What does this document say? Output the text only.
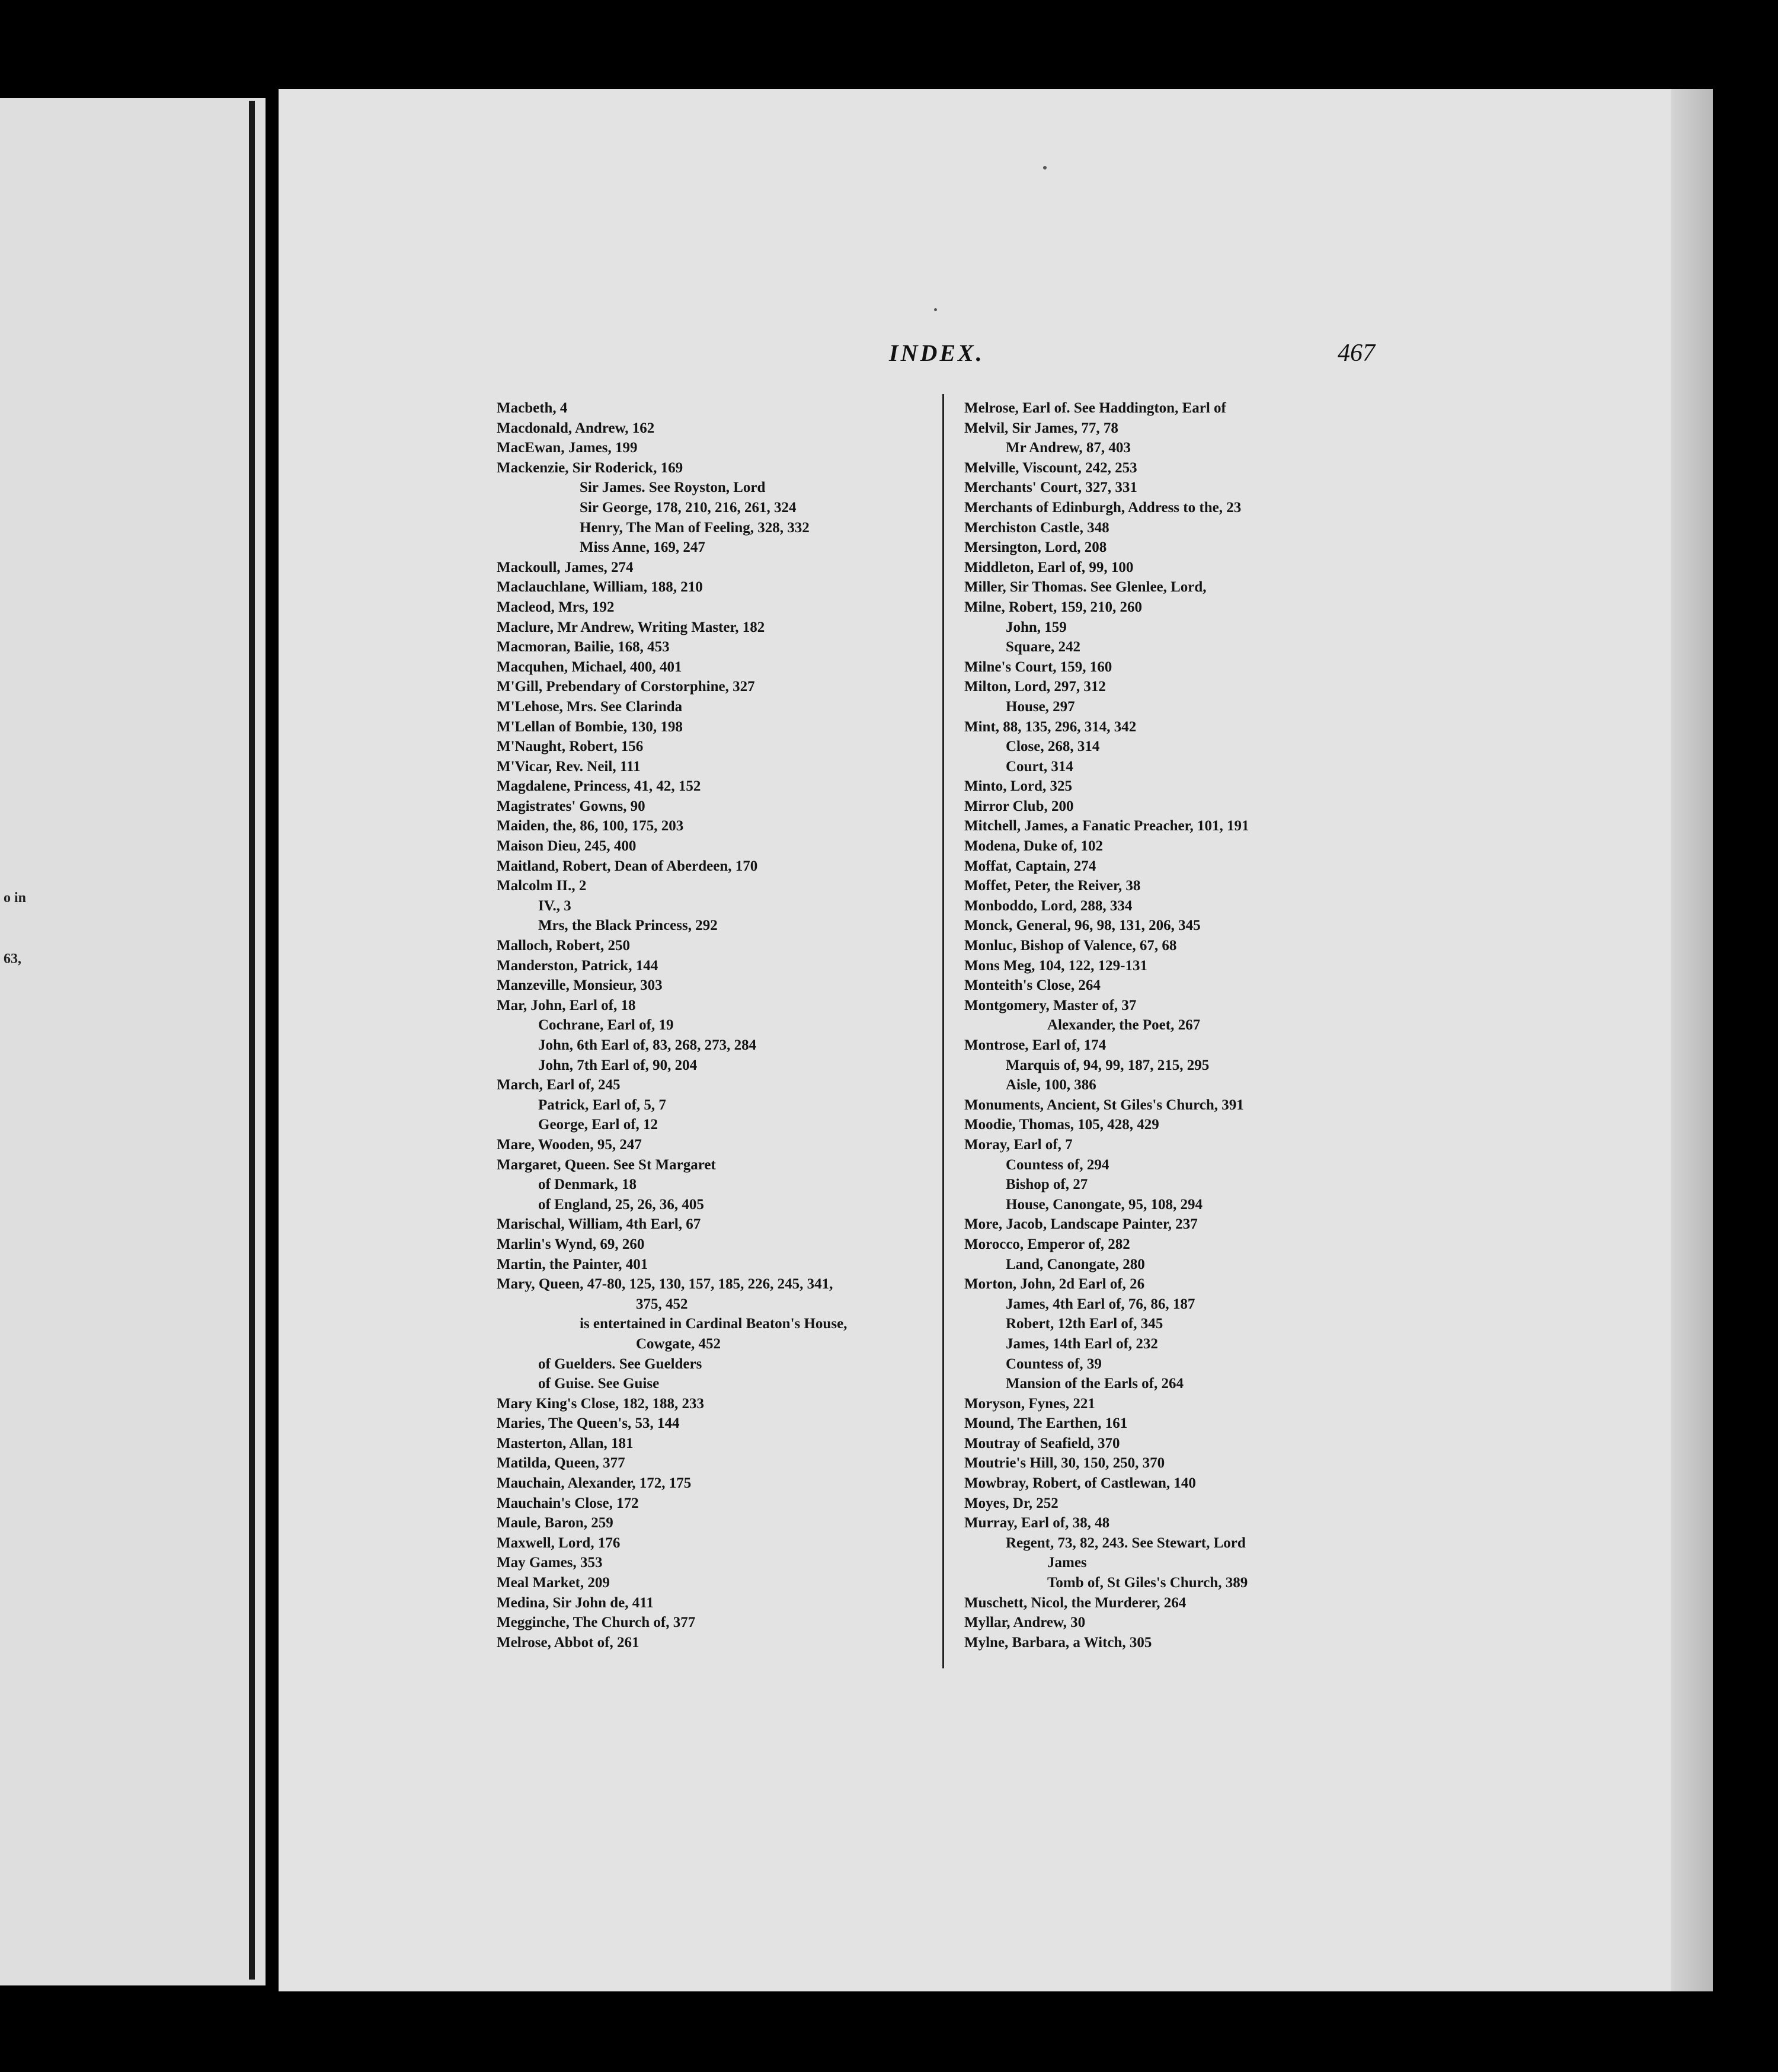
o in
63,
INDEX.	467
Macbeth, 4
Macdonald, Andrew, 162
MacEwan, James, 199
Mackenzie, Sir Roderick, 169
Sir James. See Royston, Lord
Sir George, 178, 210, 216, 261, 324
Henry, The Man of Feeling, 328, 332
Miss Anne, 169, 247
Mackoull, James, 274
Maclauchlane, William, 188, 210
Macleod, Mrs, 192
Maclure, Mr Andrew, Writing Master, 182
Macmoran, Bailie, 168, 453
Macquhen, Michael, 400, 401
M'Gill, Prebendary of Corstorphine, 327
M'Lehose, Mrs. See Clarinda
M'Lellan of Bombie, 130, 198
M'Naught, Robert, 156
M'Vicar, Rev. Neil, 111
Magdalene, Princess, 41, 42, 152
Magistrates' Gowns, 90
Maiden, the, 86, 100, 175, 203
Maison Dieu, 245, 400
Maitland, Robert, Dean of Aberdeen, 170
Malcolm II., 2
IV., 3
Mrs, the Black Princess, 292
Malloch, Robert, 250
Manderston, Patrick, 144
Manzeville, Monsieur, 303
Mar, John, Earl of, 18
Cochrane, Earl of, 19
John, 6th Earl of, 83, 268, 273, 284
John, 7th Earl of, 90, 204
March, Earl of, 245
Patrick, Earl of, 5, 7
George, Earl of, 12
Mare, Wooden, 95, 247
Margaret, Queen. See St Margaret
of Denmark, 18
of England, 25, 26, 36, 405
Marischal, William, 4th Earl, 67
Marlin's Wynd, 69, 260
Martin, the Painter, 401
Mary, Queen, 47-80, 125, 130, 157, 185, 226, 245, 341,
375, 452
is entertained in Cardinal Beaton's House,
Cowgate, 452
of Guelders. See Guelders
of Guise. See Guise
Mary King's Close, 182, 188, 233
Maries, The Queen's, 53, 144
Masterton, Allan, 181
Matilda, Queen, 377
Mauchain, Alexander, 172, 175
Mauchain's Close, 172
Maule, Baron, 259
Maxwell, Lord, 176
May Games, 353
Meal Market, 209
Medina, Sir John de, 411
Megginche, The Church of, 377
Melrose, Abbot of, 261
Melrose, Earl of. See Haddington, Earl of
Melvil, Sir James, 77, 78
Mr Andrew, 87, 403
Melville, Viscount, 242, 253
Merchants' Court, 327, 331
Merchants of Edinburgh, Address to the, 23
Merchiston Castle, 348
Mersington, Lord, 208
Middleton, Earl of, 99, 100
Miller, Sir Thomas. See Glenlee, Lord,
Milne, Robert, 159, 210, 260
John, 159
Square, 242
Milne's Court, 159, 160
Milton, Lord, 297, 312
House, 297
Mint, 88, 135, 296, 314, 342
Close, 268, 314
Court, 314
Minto, Lord, 325
Mirror Club, 200
Mitchell, James, a Fanatic Preacher, 101, 191
Modena, Duke of, 102
Moffat, Captain, 274
Moffet, Peter, the Reiver, 38
Monboddo, Lord, 288, 334
Monck, General, 96, 98, 131, 206, 345
Monluc, Bishop of Valence, 67, 68
Mons Meg, 104, 122, 129-131
Monteith's Close, 264
Montgomery, Master of, 37
Alexander, the Poet, 267
Montrose, Earl of, 174
Marquis of, 94, 99, 187, 215, 295
Aisle, 100, 386
Monuments, Ancient, St Giles's Church, 391
Moodie, Thomas, 105, 428, 429
Moray, Earl of, 7
Countess of, 294
Bishop of, 27
House, Canongate, 95, 108, 294
More, Jacob, Landscape Painter, 237
Morocco, Emperor of, 282
Land, Canongate, 280
Morton, John, 2d Earl of, 26
James, 4th Earl of, 76, 86, 187
Robert, 12th Earl of, 345
James, 14th Earl of, 232
Countess of, 39
Mansion of the Earls of, 264
Moryson, Fynes, 221
Mound, The Earthen, 161
Moutray of Seafield, 370
Moutrie's Hill, 30, 150, 250, 370
Mowbray, Robert, of Castlewan, 140
Moyes, Dr, 252
Murray, Earl of, 38, 48
Regent, 73, 82, 243. See Stewart, Lord
James
Tomb of, St Giles's Church, 389
Muschett, Nicol, the Murderer, 264
Myllar, Andrew, 30
Mylne, Barbara, a Witch, 305
